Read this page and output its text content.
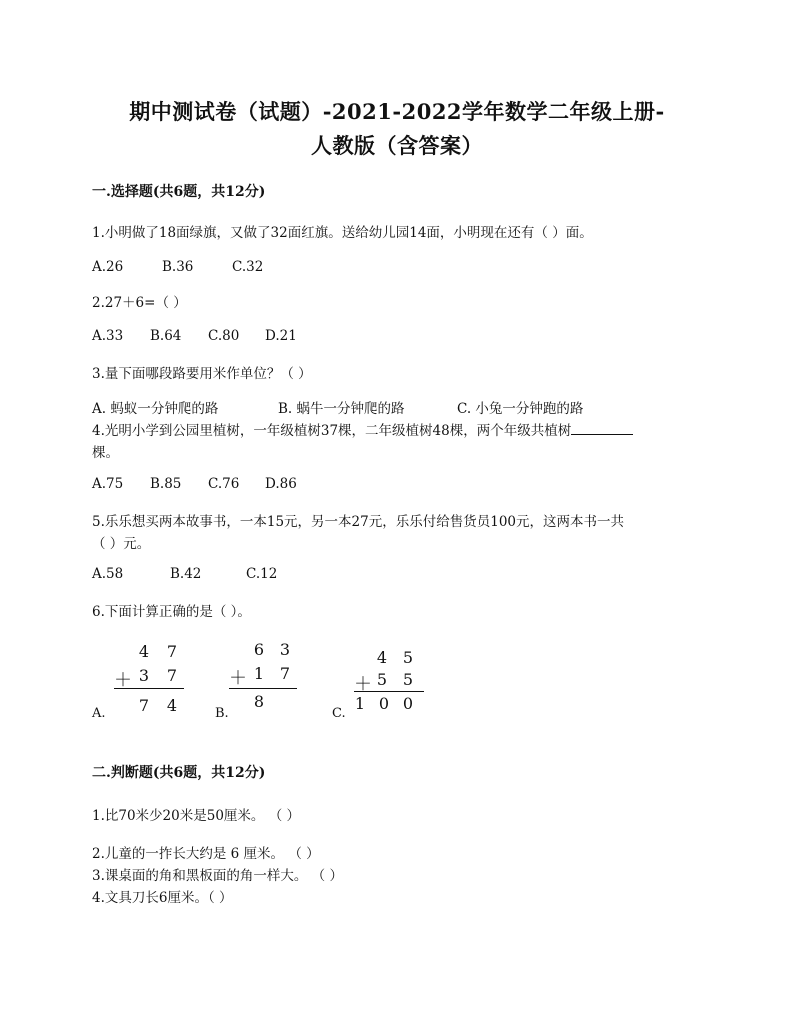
期中测试卷（试题）-2021-2022学年数学二年级上册-
人教版（含答案）
一.选择题(共6题，共12分)
1.小明做了18面绿旗，又做了32面红旗。送给幼儿园14面，小明现在还有（ ）面。
A.26	B.36	C.32
2.27＋6=（ ）
A.33 B.64 C.80 D.21
3.量下面哪段路要用米作单位？（ ）
A. 蚂蚁一分钟爬的路	B. 蜗牛一分钟爬的路	C. 小兔一分钟跑的路
4.光明小学到公园里植树，一年级植树37棵，二年级植树48棵，两个年级共植树
棵。
A.75 B.85 C.76 D.86
5.乐乐想买两本故事书，一本15元，另一本27元，乐乐付给售货员100元，这两本书一共
（ ）元。
A.58	B.42	C.12
6.下面计算正确的是（ ）。
4 7
＋ 3 7
A. 7 4
6 3
＋ 1 7
B.
8
4 5
＋ 5 5
C.
1 0 0
二.判断题(共6题，共12分)
1.比70米少20米是50厘米。 （ ）
2.儿童的一拃长大约是 6 厘米。 （ ）
3.课桌面的角和黑板面的角一样大。 （ ）
4.文具刀长6厘米。（ ）
